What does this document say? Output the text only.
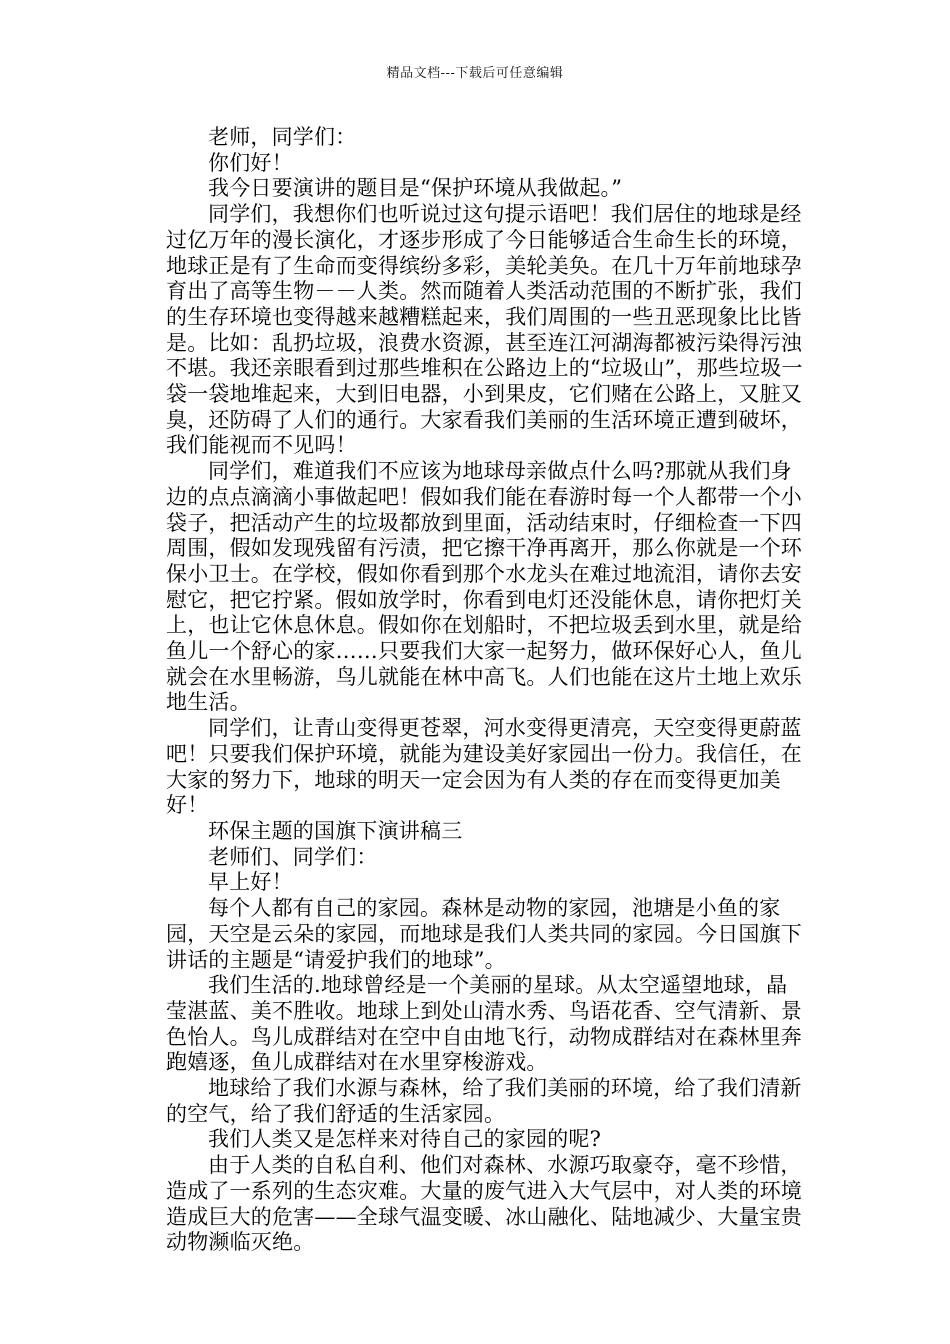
精品文档---下载后可任意编辑

老师，同学们：

你们好！

我今日要演讲的题目是“保护环境从我做起。”

同学们，我想你们也听说过这句提示语吧！我们居住的地球是经过亿万年的漫长演化，才逐步形成了今日能够适合生命生长的环境，地球正是有了生命而变得缤纷多彩，美轮美奂。在几十万年前地球孕育出了高等生物－－人类。然而随着人类活动范围的不断扩张，我们的生存环境也变得越来越糟糕起来，我们周围的一些丑恶现象比比皆是。比如：乱扔垃圾，浪费水资源，甚至连江河湖海都被污染得污浊不堪。我还亲眼看到过那些堆积在公路边上的“垃圾山”，那些垃圾一袋一袋地堆起来，大到旧电器，小到果皮，它们赌在公路上，又脏又臭，还防碍了人们的通行。大家看我们美丽的生活环境正遭到破坏，我们能视而不见吗！

同学们，难道我们不应该为地球母亲做点什么吗?那就从我们身边的点点滴滴小事做起吧！假如我们能在春游时每一个人都带一个小袋子，把活动产生的垃圾都放到里面，活动结束时，仔细检查一下四周围，假如发现残留有污渍，把它擦干净再离开，那么你就是一个环保小卫士。在学校，假如你看到那个水龙头在难过地流泪，请你去安慰它，把它拧紧。假如放学时，你看到电灯还没能休息，请你把灯关上，也让它休息休息。假如你在划船时，不把垃圾丢到水里，就是给鱼儿一个舒心的家……只要我们大家一起努力，做环保好心人，鱼儿就会在水里畅游，鸟儿就能在林中高飞。人们也能在这片土地上欢乐地生活。

同学们，让青山变得更苍翠，河水变得更清亮，天空变得更蔚蓝吧！只要我们保护环境，就能为建设美好家园出一份力。我信任，在大家的努力下，地球的明天一定会因为有人类的存在而变得更加美好！

环保主题的国旗下演讲稿三

老师们、同学们：

早上好！

每个人都有自己的家园。森林是动物的家园，池塘是小鱼的家园，天空是云朵的家园，而地球是我们人类共同的家园。今日国旗下讲话的主题是“请爱护我们的地球”。

我们生活的.地球曾经是一个美丽的星球。从太空遥望地球，晶莹湛蓝、美不胜收。地球上到处山清水秀、鸟语花香、空气清新、景色怡人。鸟儿成群结对在空中自由地飞行，动物成群结对在森林里奔跑嬉逐，鱼儿成群结对在水里穿梭游戏。

地球给了我们水源与森林，给了我们美丽的环境，给了我们清新的空气，给了我们舒适的生活家园。

我们人类又是怎样来对待自己的家园的呢?

由于人类的自私自利、他们对森林、水源巧取豪夺，毫不珍惜，造成了一系列的生态灾难。大量的废气进入大气层中，对人类的环境造成巨大的危害——全球气温变暖、冰山融化、陆地减少、大量宝贵动物濒临灭绝。
